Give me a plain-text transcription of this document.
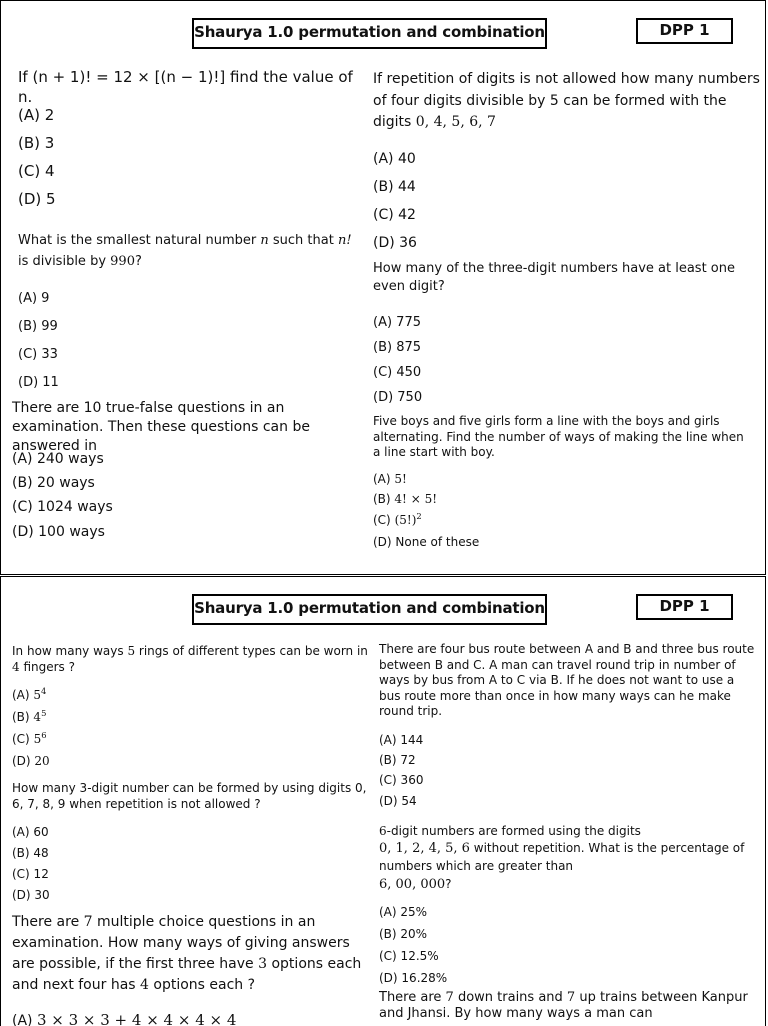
Shaurya 1.0 permutation and combination	DPP 1

If (n + 1)! = 12 × [(n − 1)!] find the value of n.

(A) 2

(B) 3

(C) 4

(D) 5

What is the smallest natural number n such that n!
is divisible by 990?

(A) 9

(B) 99

(C) 33

(D) 11

There are 10 true-false questions in an examination. Then these questions can be answered in

(A) 240 ways

(B) 20 ways

(C) 1024 ways

(D) 100 ways

If repetition of digits is not allowed how many numbers of four digits divisible by 5 can be formed with the digits 0, 4, 5, 6, 7

(A) 40

(B) 44

(C) 42

(D) 36

How many of the three-digit numbers have at least one even digit?

(A) 775

(B) 875

(C) 450

(D) 750

Five boys and five girls form a line with the boys and girls alternating. Find the number of ways of making the line when a line start with boy.

(A) 5!

(B) 4! × 5!

(C) $(5!)^2$

(D) None of these

Shaurya 1.0 permutation and combination	DPP 1

In how many ways 5 rings of different types can be worn in 4 fingers ?

(A) $5^4$

(B) $4^5$

(C) $5^6$

(D) 20

How many 3-digit number can be formed by using digits 0, 6, 7, 8, 9 when repetition is not allowed ?

(A) 60

(B) 48

(C) 12

(D) 30

There are 7 multiple choice questions in an examination. How many ways of giving answers are possible, if the first three have 3 options each and next four has 4 options each ?

(A) 3 × 3 × 3 + 4 × 4 × 4 × 4

There are four bus route between A and B and three bus route between B and C. A man can travel round trip in number of ways by bus from A to C via B. If he does not want to use a bus route more than once in how many ways can he make round trip.

(A) 144

(B) 72

(C) 360

(D) 54

6-digit numbers are formed using the digits
0, 1, 2, 4, 5, 6 without repetition. What is the percentage of numbers which are greater than
6, 00, 000?

(A) 25%

(B) 20%

(C) 12.5%

(D) 16.28%

There are 7 down trains and 7 up trains between Kanpur and Jhansi. By how many ways a man can
